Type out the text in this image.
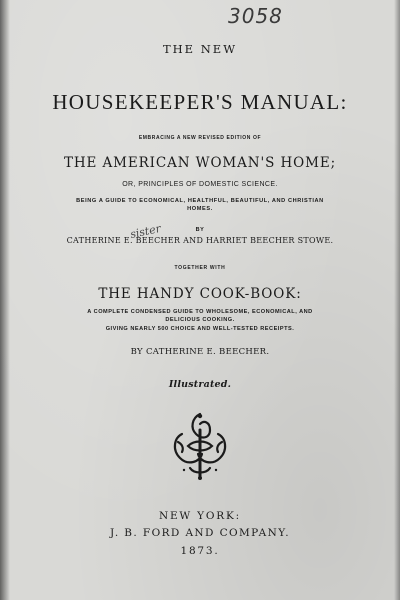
3058
THE NEW
HOUSEKEEPER'S MANUAL:
EMBRACING A NEW REVISED EDITION OF
THE AMERICAN WOMAN'S HOME;
OR, PRINCIPLES OF DOMESTIC SCIENCE.
BEING A GUIDE TO ECONOMICAL, HEALTHFUL, BEAUTIFUL, AND CHRISTIAN
HOMES.
BY
sister
CATHERINE E. BEECHER AND HARRIET BEECHER STOWE.
TOGETHER WITH
THE HANDY COOK-BOOK:
A COMPLETE CONDENSED GUIDE TO WHOLESOME, ECONOMICAL, AND
DELICIOUS COOKING.
GIVING NEARLY 500 CHOICE AND WELL-TESTED RECEIPTS.
BY CATHERINE E. BEECHER.
Illustrated.
NEW YORK:
J. B. FORD AND COMPANY.
1873.
